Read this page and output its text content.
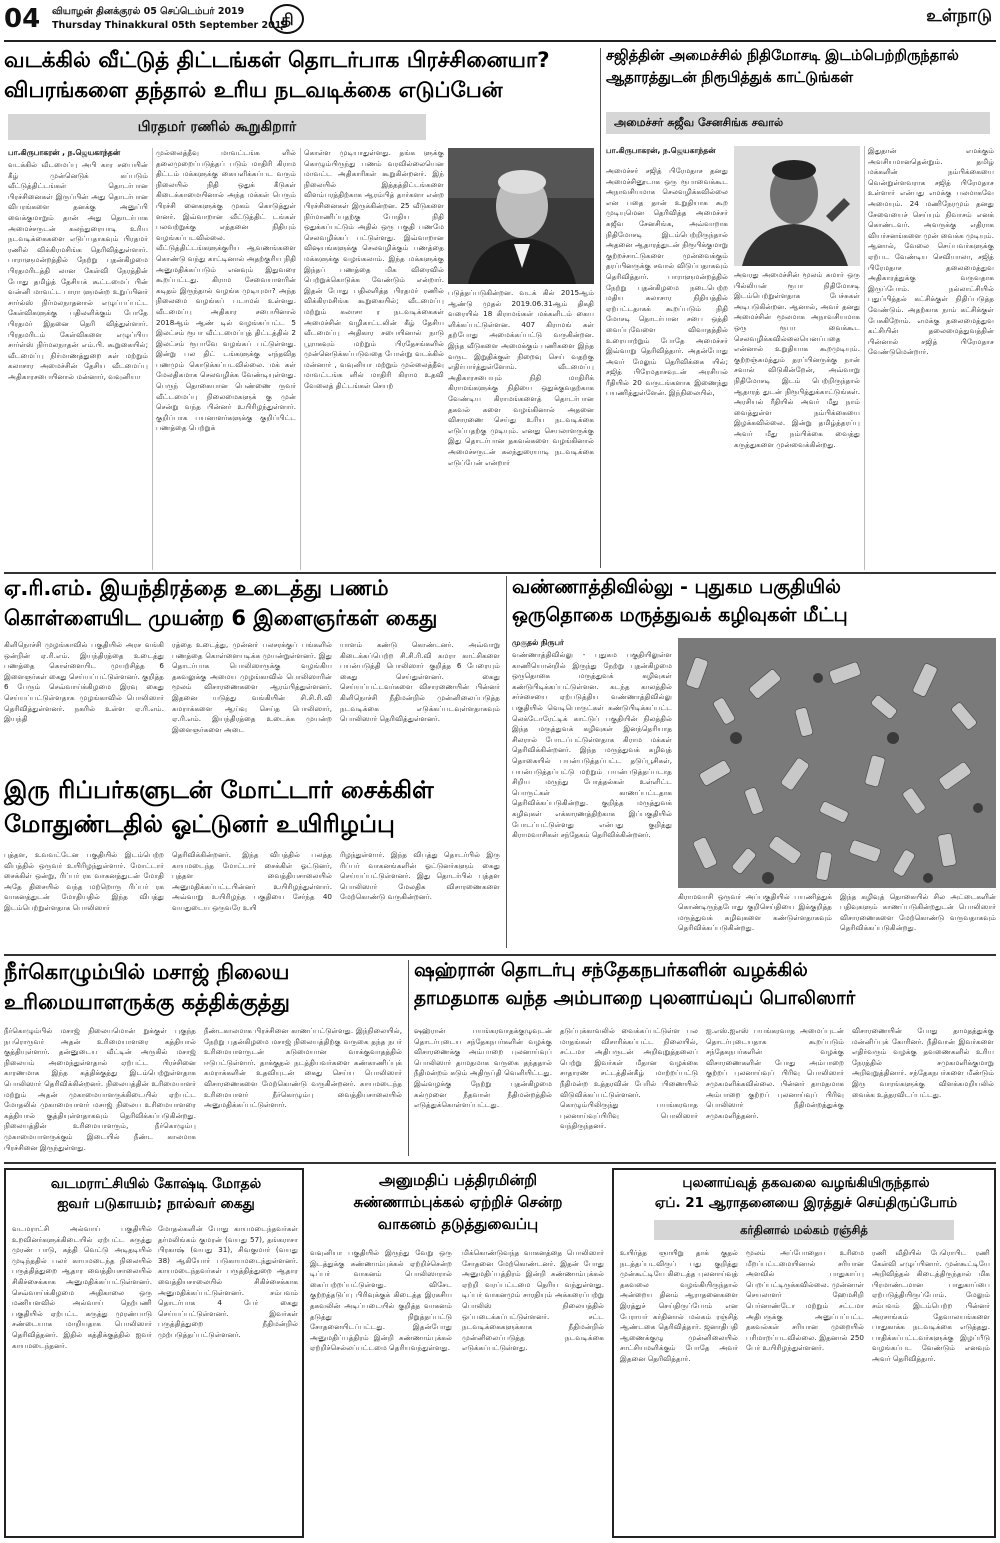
04 வியாழன் தினக்குரல் 05 செப்டெம்பர் 2019
Thursday Thinakkural 05th September 2019
தி	உள்நாடு
வடக்கில் வீட்டுத் திட்டங்கள் தொடர்பாக பிரச்சினையா?
விபரங்களை தந்தால் உரிய நடவடிக்கை எடுப்பேன்
பிரதமர் ரணில் கூறுகிறார்
பா.கிருபாகரன் , ந.ஜெயகாந்தன்
வடக்கில் வீடமைப்பு அபி கார சபையின் கீழ் முன்னெடுக் கப்படும் வீட்டுத்திட்டங்கள் தொடர்பான பிரச்சினைகள் இருப்பின் அது தொடர்பான விபரங்களை தனக்கு அனுப்பி வைக்குமாறும் தான் அது தொடர்பாக அமைச்சருடன் கலந்துரையாடி உரிய நடவடிக்கைகளை எடுப்பதாகவும் பிரதமர் ரணில் விக்கிரமசிங்க தெரிவித்துள்ளார். பாராளுமன்றத்தில் நேற்று புதன்கிழமை பிரதமரிடத்தி லான கேள்வி நேரத்தின் போது தமிழ்த் தேசியக் கூட்டமைப் பின் வன்னி மாவட்ட பாரா ளுமன்ற உறுப்பினர் சார்ல்ஸ் நிர்மலநாதனால் எழுப்பப்பட்ட கேள்விகளுக்கு பதிலளிக்கும் போதே பிரதமர் இதனை தெரி வித்துள்ளார். பிரதமரிடம் கேள்விகளை எழுப்பிய சார்ள்ஸ் நிர்மலநாதன் எம்.பி. கூறுகையில்; வீடமைப்பு நிர்மாணத்துறை கள் மற்றும் கலாசார அமைச்சின் தேசிய வீடமைப்பு அதிகாரசபையினால் மன்னார், வவுனியா
முல்லைத்தீவு மாவட்டங்க ளில் தலைமுறைப்படுத்தப் படும் மாதிரி கிராம திட்டம் மக்களுக்கு கையளிக்கப்பட வரும் நிலையில் நிதி ஒதுக் கீடுகள் கிடைக்காமையினால் அந்த மக்கள் பெரும் பிரச்சி னைகளுக்கு முகம் கொடுத்துள் ளனர். இவ்வாறான வீட்டுத்திட் டங்கள் பலவற்றுக்கு எத்தனை நிதியும் வழங்கப்படவில்லை. வீட்டுத்திட்டங்களுக்குரிய ஆவணங்களை கொண்டு வந்து காட்டினால் அதற்குரிய நிதி அனுமதிக்கப்படும் எனவும் இதுவரை கூறப்பட்டது. கிராம சேவையாளரின் கடிதம் இருந்தால் வழங்க முடியுமா? அந்த நிலைமை வழங்கப் படாமல் உள்ளது. வீடமைப்பு அதிகார சபையினால் 2018ஆம் ஆண் டில் வழங்கப்பட்ட 5 இலட்சம் ரூபா வீட்டமைப்புத் திட்டத்தில் 2 இலட்சம் ரூபாவே வழங்கப் பட்டுள்ளது. இன்று பல திட் டங்களுக்கு எந்தவித பணமும் கொடுக்கப்படவில்லை. மக் கள் மேலதிகமாக செலவழிக்க வேண்டியுள்ளது. பெருந் தொகையான பெண்ணை ருவர் வீட்டமைப்பு நிலைமைகளுக் கு முன் சென்று வந்த பின்னர் உயிரிழந்துள்ளார். குறிப்பாக பயனாளர்களுக்கு குறிப்பிட்ட பணத்தை பெற்றுக்
கொள்ள முடியாதுள்ளது. தங்க ளுக்கு கொழும்பிருந்து பணம் வரவில்லையென மாவட்ட அதிகாரிகள் கூறுகின்றனர். இந் நிலையில் இத்தத்திட்டங்களை விளம்பரத்திற்காக ஆரம்பித் தார்களா என்ற பிரச்சினைகள் இருக்கின்றன. 25 வீடுகளை நிர்மாணிப்பதற்கு போதிய நிதி ஒதுக்கப்பட்டும் அதில் ஒரு பகுதி பணமே செலவழிக்கப் பட்டுள்ளது. இவ்வாறான விஷயங்களுக்கு செலவழிக்கும் பணத்தை மக்களுக்கு வழங்கலாம். இந்த மக்களுக்கு இந்தப் பணத்தை மிக விரைவில் பெற்றுக்கொடுக்க வேண்டும் என்றார். இதன் போது பதிலளித்த பிரதமர் ரணில் விக்கிரமசிங்க கூறுகையில்; வீடமைப்பு மற்றும் கலாசா ர நடவடிக்கைகள் அமைச்சின் வழிகாட்டலின் கீழ் தேசிய வீடமைப்பு அதிகார சபையினால் நாடு பூராகவும் மற்றும் பிரதேசங்களில் முன்னெடுக்கப்படுவதை போன்று வடக்கில் மன்னார் , வவுனியா மற்றும் முல்லைத்தீவு மாவட்டங்க ளில் மாதிரி கிராம உதவி வேலைத் திட்டங்கள் செயற்
படுத்தப்படுகின்றன. வடக் கில் 2015ஆம் ஆண்டு முதல் 2019.06.31ஆம் திகதி வரையில் 18 கிராமங்கள் மக்களிடம் கைய ளிக்கப்பட்டுள்ளன. 407 கிராமங் கள் தற்போது அமைக்கப்பட்டு வருகின்றன. இந்த வீடுகளை அமைக்கும் பணிகளை இந்த வருட இறுதிக்குள் நிறைவு செய் வதற்கு எதிர்பார்த்துள்ளோம். வீடமைப்பு அதிகாரசபையும் நிதி மாதிரிக் கிராமங்களுக்கு நிதியை ஒதுக்குவதற்காக வேண்டிய கிராமங்களைத் தொடர்பான தகவல் களை வழங்கினால் அதனை விசாரணை செய்து உரிய நடவடிக்கை எடுப்பதற்கு முடியும். எனது செயலாளருக்கு இது தொடர்பான தகவல்களை வழங்கினால் அமைச்சருடன் கலந்துரையாடி நடவடிக்கை எடுப்பேன் என்றார்
சஜித்தின் அமைச்சில் நிதிமோசடி இடம்பெற்றிருந்தால்
ஆதாரத்துடன் நிரூபித்துக் காட்டுங்கள்
அமைச்சர் சுஜீவ சேனசிங்க சவால்
பா.கிருபாகரன், ந.ஜெயகாந்தன்
அமைச்சர் சஜித் பிரேமதாச தனது அமைச்சினூடாக ஒரு ரூபாவைக்கூட அநாவசியமாக செலவழிக்கவில்லை என பதை தான் உறுதியாக கூற முடியுமென தெரிவித்த அமைச்சர் சுஜீவ சேனசிங்க, அவ்வாறாக நிதிமோசடி இடம்பெற்றிருந்தால் அதனை ஆதாரத்துடன் நிரூபிக்குமாறு குற்றச்சாட்டுகளை முன்வைக்கும் தரப்பினருக்கு சவால் விடுப்பதாகவும் தெரிவித்தார். பாராளுமன்றத்தில் நேற்று புதன்கிழமை நடைபெற்ற மதிய கலாசார நிதியத்தில் ஏற்பட்டதாகக் கூறப்படும் நிதி மோசடி தொடர்பான சபை ஒத்தி வைப்புவேளை விவாதத்தில் உரையாற்றும் போதே அமைச்சர் இவ்வாறு தெரிவித்தார். அதன்போது அவர் மேலும் தெரிவிக்கை யில்; சஜித் பிரேமதாசவுடன் அரசியல் ரீதியில் 20 வருடங்களாக இணைந்து பயணித்துள்ளேன். இந்நிலையில்,
அவரது அமைச்சின் மூலம் சுமார் ஒரு பில்லியன் ரூபா நிதிமோசடி இடம்பெற்றுள்ளதாக பேச்சுகள் அடிபடுகின்றன. ஆனால், அவர் தனது அமைச்சின் மூலமாக அநாவசியமாக ஒரு ரூபா வைக்கூட செலவழிக்கவில்லையெனப்பதை என்னால் உறுதியாக கூறமுடியும். குற்றஞ்சுமத்தும் தரப்பினருக்கு நான் சவால் விடுகின்றேன், அவ்வாறு நிதிமோசடி இடம் பெற்றிருந்தால் ஆதாரத் துடன் நிரூபித்துக்காட்டுங்கள். அரசியல் ரீதியில் அவர் மீது நாம் வைத்துள்ள நம்பிக்கையை இழக்கவில்லை. இன்று தமிழ்த்தரப்பு அவர் மீது நம்பிக்கை வைத்து கருத்துகளை முன்வைக்கின்றது.
இதுதான் எமக்கும் அவசியமானதென்றும். தமிழ் மக்களின் நம்பிக்கையை வென்றுள்ளவராக சஜித் பிரேமதாச உள்ளார் என்பது எமக்கு பலமாகவே அமையும். 24 மணிநேரமும் தனது சேவையைச் செய்யும் நிவாசம் எனக் கொண்டவர். அவருக்கு எதிராக வியர்சனங்களை முன் வைக்க முடியும். ஆனால், வேலை செய்பவர்களுக்கு ஏற்பட வேண்டிய செவியாலா, சஜித் பிரேமதாச தலைமைத்துவ அதிகாரத்துக்கு வருவதாக இருப்போம். நல்லாட்சியில் புதுப்பித்தல் கட்சிக்குள் நிதிப்படுத்த வேண்டும். அதற்காக நாம் கட்சிக்குள் பேசுகிறோம். எமக்கு தலைமைத்துவ கட்சியின் தலைமைத்துவத்தின் பின்னால் சஜித் பிரேமதாச வேண்டுமென்றார்.
ஏ.ரி.எம். இயந்திரத்தை உடைத்து பணம்
கொள்ளையிட முயன்ற 6 இளைஞர்கள் கைது
கிளிநொச்சி முழங்காவில் பகுதியில் அரச வங்கி ஒன்றின் ஏ.ரி.எம். இயந்திரத்தை உடைத்து பணத்தை கொள்ளையிட முயற்சித்த 6 இளைஞர்கள் கைது செய்யப்பட்டுள்ளனர். குறித்த 6 பேரும் செவ்வாய்க்கிழமை இரவு கைது செய்யப்பட்டுள்ளதாக முழங்காவில் பொலிஸார் தெரிவித்துள்ளனர். நகரில் உள்ள ஏ.ரி.எம். இயந்தி
ரத்தை உடைத்து, முன்னர் பலசரக்குப் பங்களில் பணத்தை கொள்ளையடிக்க முயன்றுள்ளனர். இது தொடர்பாக பொலிஸாருக்கு வழங்கிய தகவலுக்கு அமைய முழங்காவில் பொலிஸாரின் மூலம் விசாரணைகளை ஆரம்பித்துள்ளனர். இதனை யடுத்து வங்கியின் சி.சி.ரி.வி கமராக்களை ஆய்வு செய்த பொலிஸார், ஏ.ரி.எம். இயந்திரத்தை உடைக்க முயன்ற இளைஞர்களை அடை
யாளம் கண்டு கொண்டனர். அவ்வாறு கிடைக்கப்பெற்ற சி.சி.ரி.வி கமரா காட்சிகளை பயன்படுத்தி பொலிஸார் குறித்த 6 பேரையும் கைது செய்துள்ளனர். கைது செய்யப்பட்டவர்களை விசாரணையின் பின்னர் கிளிநொச்சி நீதிமன்றில் முன்னிலைப்படுத்த நடவடிக்கை எடுக்கப்படவுள்ளதாகவும் பொலிஸார் தெரிவித்துள்ளனர்.
இரு ரிப்பர்களுடன் மோட்டார் சைக்கிள்
மோதுண்டதில் ஓட்டுனர் உயிரிழப்பு
புத்தள, உவவட்டேன பகுதியில் இடம்பெற்ற விபத்தில் ஒருவர் உயிரிழந்துள்ளார். மோட்டார் சைக்கிள் ஒன்று, ரிப்பர் ரக வாகனத்துடன் மோதி அதே திசையில் வந்த மற்றொரு ரிப்பர் ரக வாகனத்துடன் மோதியதில் இந்த விபத்து இடம்பெற்றுள்ளதாக பொலிஸார்
தெரிவிக்கின்றனர். இந்த விபத்தில் பலத்த காயமடைந்த மோட்டார் சைக்கிள் ஓட்டுனர், புத்தள வைத்தியசாலையில் அனுமதிக்கப்பட்டபின்னர் உயிரிழந்துள்ளார். அவ்வாறு உயிரிழந்த பகுதியை சேர்ந்த 40 வயதுடைய ஒருவரே உயி
ரிழந்துள்ளார். இந்த விபத்து தொடர்பில் இரு ரிப்பர் வாகனங்களின் ஓட்டுனர்களும் கைது செய்யப்பட்டுள்ளனர். இது தொடர்பில் புத்தள பொலிஸார் மேலதிக விசாரணைகளை மேற்கொண்டு வருகின்றனர்.
வண்ணாத்திவில்லு - புதுகம பகுதியில்
ஒருதொகை மருத்துவக் கழிவுகள் மீட்பு
முகுதல் நிருபர்
வண்ணாத்திவில்லு - புதுகம பகுதியிலுள்ள காணியொன்றில் இருந்து நேற்று புதன்கிழமை ஒருதொகை மருத்துவக் கழிவுகள் கண்டுபிடிக்கப்பட்டுள்ளன. கடந்த காலத்தில் சர்ச்சையை ஏற்படுத்திய வண்ணாத்திவில்லு பகுதியில் வெடிபொருட்கள் கண்டுபிடிக்கப்பட்ட லெக்டோரேட்டிக் காட்டுப் பகுதியின் நிலத்தில் இந்த மருத்துவக் கழிவுகள் இனந்தெரியாத சிலரால் போடப்பட்டுள்ளதாக கிராம மக்கள் தெரிவிக்கின்றனர். இந்த மருத்துவக் கழிவுத் தொகையில் பயன்படுத்தப்பட்ட தடுப்பூசிகள், பயன்படுத்தப்பட்டு மற்றும் பயன்படுத்தப்படாத சிறிய மருந்து போத்தல்கள் உள்ளிட்ட பொருட்கள் காணப்பட்டதாக தெரிவிக்கப்படுகின்றது. குறித்த மருத்துவக் கழிவுகள் எக்காரணத்திற்காக இப்பகுதியில் போடப்பட்டுள்ளது என்பது குறித்து கிராமவாசிகள் சந்தேகம் தெரிவிக்கின்றனர்.
கிராமவாசி ஒருவர் அப்பகுதியில் பயணித்துக் கொண்டிருந்தபோது குறிசெய்தியை இக்குறித்த மருத்துவக் கழிவுகளை கண்டுள்ளதாகவும் தெரிவிக்கப்படுகின்றது.
இந்த கழிவுத் தொகையில் சில அட்டைகளின் பதிவுகளும் காணப்படுகின்றதுடன் பொலிஸார் விசாரணைகளை மேற்கொண்டு வருவதாகவும் தெரிவிக்கப்படுகின்றது.
நீர்கொழும்பில் மசாஜ் நிலைய
உரிமையாளருக்கு கத்திக்குத்து
நீர்கொழும்பில் மசாஜ் நிலையமொன் றுக்குள் புகுந்த நபரொருவர் அதன் உரிமையாளரை கத்தியால் குத்தியுள்ளார். தன்னுடைய வீட்டின் அருகில் மசாஜ் நிலையம் அமைந்துள்ளதால் ஏற்பட்ட பிரச்சினை காரணமாக இந்த கத்திக்குத்து இடம்பெற்றுள்ளதாக பொலிஸார் தெரிவிக்கின்றனர். நிலையத்தின் உரிமையாளர் மற்றும் அதன் முகாமையாளருக்கிடையில் ஏற்பட்ட மோதலில் முகாமையாளர் மசாஜ் நிலைய உரிமையாளரை கத்தியால் குத்தியுள்ளதாகவும் தெரிவிக்கப்படுகின்றது. நிலையத்தின் உரிமையாளரும், நீர்கொழும்பு முகாமையாளருக்கும் இடையில் நீண்ட காலமாக பிரச்சினை இருந்துள்ளது.
நீண்டகாலமாக பிரச்சினை காணப்பட்டுள்ளது. இந்நிலையில், நேற்று புதன்கிழமை மசாஜ் நிலையத்திற்கு வருகை தந்த நபர் உரிமையாளருடன் கடுமையான வாக்குவாதத்தில் ஈடுபட்டுள்ளார். தாக்குதல் நடத்தியவர்களை கண்காணிப்புக் கமராக்களின் உதவியுடன் கைது செய்ய பொலிஸார் விசாரணைகளை மேற்கொண்டு வருகின்றனர். காயமடைந்த உரிமையாளர் நீர்கொழும்பு வைத்தியசாலையில் அனுமதிக்கப்பட்டுள்ளார்.
ஷஹ்ரான் தொடர்பு சந்தேகநபர்களின் வழக்கில்
தாமதமாக வந்த அம்பாறை புலனாய்வுப் பொலிஸார்
ஷஹ்ரான் பயங்கரவாதக்குழுவுடன் தொடர்புடைய சந்தேகநபர்களின் வழக்கு விசாரணைக்கு அம்பாறை புலனாய்வுப் பொலிஸார் தாமதமாக வருகை தந்ததால் நீதிமன்றம் கடும் அதிருப்தி வெளியிட்டது. இவ்வழக்கு நேற்று புதன்கிழமை கல்முனை நீதவான் நீதிமன்றத்தில் எடுத்துக்கொள்ளப்பட்டது.
தடுப்புக்காவலில் வைக்கப்பட்டுள்ள பல மாதங்கள் விசாரிக்கப்பட்ட நிலையில், சட்டமா அதிபருடன் அறிவுறுத்தலைப் பெற்று இவர்கள் மீதான வழக்கை சாதாரண சட்டத்தின்கீழ் மாற்றப்பட்டு நீதிமன்ற உத்தரவின் பேரில் பிணையில் விடுவிக்கப்பட்டுள்ளனர். கொழும்பிலிருந்து பயங்கரவாத புலனாய்வுப்பிரிவு பொலிஸார் வந்திருந்தனர்.
ஐ.எஸ்.ஐஎஸ் பயங்கரவாத அமைப்புடன் தொடர்புடையதாக கூறப்படும் சந்தேகநபர்களின் வழக்கு விசாரணைகளின் போது அம்பாறை குற்றப் புலனாய்வுப் பிரிவு பொலிஸார் சமுகமளிக்கவில்லை. பின்னர் தாமதமாக அம்பாறை குற்றப் புலனாய்வுப் பிரிவு பொலிஸார் நீதிமன்றத்துக்கு சமுகமளித்தனர்.
விசாரணையின் போது தாமதத்துக்கு மன்னிப்புக் கோரினர். நீதிவான் இவர்களை எதிர்வரும் வழக்கு தவணைகளில் உரிய நேரத்தில் சமுகமளிக்குமாறு அறிவுறுத்தினார். சந்தேகநபர்களை மீண்டும் இரு வாரங்களுக்கு விளக்கமறியலில் வைக்க உத்தரவிடப்பட்டது.
வடமராட்சியில் கோஷ்டி மோதல்
ஐவர் படுகாயம்; நால்வர் கைது
வடமராட்சி அல்வாய் பகுதியில் உறவினர்களுக்கிடையில் ஏற்பட்ட சுருத்து முரண் பாடு, கத்தி வெட்டு அடிதடியில் முடிந்ததில் பலர் காயமடைந்த நிலையில் பருத்தித்துறை ஆதார வைத்தியசாலையில் சிகிச்சைக்காக அனுமதிக்கப்பட்டுள்ளனர். செவ்வாய்க்கிழமை அதிகாலை ஒரு மணியளவில் அல்வாய் நெற்பணி பகுதியில் ஏற்பட்ட கருத்து முரண்பாடு சண்டையாக மாறியதாக பொலிஸார் தெரிவித்தனர். இதில் கத்திக்குத்தில் ஐவர் காயமடைந்தனர்.
மோதல்களின் போது காயமடைந்தவர்கள் தர்மலிங்கம் குமரன் (வயது 57), தங்கராசா பிரகாஷ் (வயது 31), சிவகுமார் (வயது 38) ஆகியோர் படுகாயமடைந்துள்ளனர். காயமடைந்தவர்கள் பருத்தித்துறை ஆதார வைத்தியசாலையில் சிகிச்சைக்காக அனுமதிக்கப்பட்டுள்ளனர். சம்பவம் தொடர்பாக 4 பேர் கைது செய்யப்பட்டுள்ளனர். இவர்கள் பருத்தித்துறை நீதிமன்றில் முற்படுத்தப்பட்டுள்ளனர்.
அனுமதிப் பத்திரமின்றி
சுண்ணாம்புக்கல் ஏற்றிச் சென்ற
வாகனம் தடுத்துவைப்பு
வவுனியா பகுதியில் இருந்து வேறு ஒரு இடத்துக்கு சுண்ணாம்புக்கல் ஏற்றிச்சென்ற டிப்பர் வாகனம் பொலிஸாரால் கைப்பற்றப்பட்டுள்ளது. விசேட குற்றத்தடுப்பு பிரிவுக்குக் கிடைத்த இரகசிய தகவலின் அடிப்படையில் குறித்த வாகனம் தடுத்து நிறுத்தப்பட்டு சோதனையிடப்பட்டது. இதன்போது அனுமதிப்பத்திரம் இன்றி சுண்ணாம்புக்கல் ஏற்றிச்செல்லப்பட்டமை தெரியவந்துள்ளது.
மிக்கொண்டுவந்த வாகனத்தை பொலிஸார் சோதனை மேற்கொண்டனர். இதன் போது அனுமதிப்பத்திரம் இன்றி சுண்ணாம்புக்கல் ஏற்றி வரப்பட்டமை தெரிய வந்துள்ளது. டிப்பர் வாகனமும் சாரதியும் அக்கரைப்பற்று பொலிஸ் நிலையத்தில் ஒப்படைக்கப்பட்டுள்ளனர். சட்ட நடவடிக்கைகளுக்காக நீதிமன்றில் முன்னிலைப்படுத்த நடவடிக்கை எடுக்கப்பட்டுள்ளது.
புலனாய்வுத் தகவலை வழங்கியிருந்தால்
ஏப். 21 ஆராதனையை இரத்துச் செய்திருப்போம்
கர்தினால் மல்கம் ரஞ்சித்
உயிர்த்த ஞாயிறு தாக் குதல் நடத்தப்படவிருப் பது குறித்து முன்கூட்டியே கிடைத்த புலனாய்வுத் தகவலை வழங்கியிருந்தால் அன்றைய தினம் ஆராதனைகளை இரத்துச் செய்திருப்போம் என பேராயர் கர்தினால் மல்கம் ரஞ்சித் ஆண்டகை தெரிவித்தார். ஜனாதிபதி ஆணைக்குழு முன்னிலையில் சாட்சியமளிக்கும் போதே அவர் இதனை தெரிவித்தார்.
மூலம் அப்போதைய உரிமை மீறப்பட்டமையினால் சரியான அளவில் பாதுகாப்பு பெறப்பட்டிருக்கவில்லை. முன்னாள் செயலாளர் ஹேமசிறி பெர்னாண்டோ மற்றும் சட்டமா அதிபருக்கு அனுப்பப்பட்ட தகவல்கள் சரியான முறையில் பரிமாறப்படவில்லை. இதனால் 250 பேர் உயிரிழந்துள்ளனர்.
ரணி வீதியில் பேரொபிட ரணி கேள்வி எழுப்பினார். முன்கூட்டியே அறிவித்தல் கிடைத்திருந்தால் மிக பிரமாண்டமான பாதுகாப்பை ஏற்படுத்தியிருப்போம். மேலும் சம்பவம் இடம்பெற்ற பின்னர் அரசாங்கம் தேவாலயங்களை பாதுகாக்க நடவடிக்கை எடுத்தது. பாதிக்கப்பட்டவர்களுக்கு இழப்பீடு வழங்கப்பட வேண்டும் எனவும் அவர் தெரிவித்தார்.
